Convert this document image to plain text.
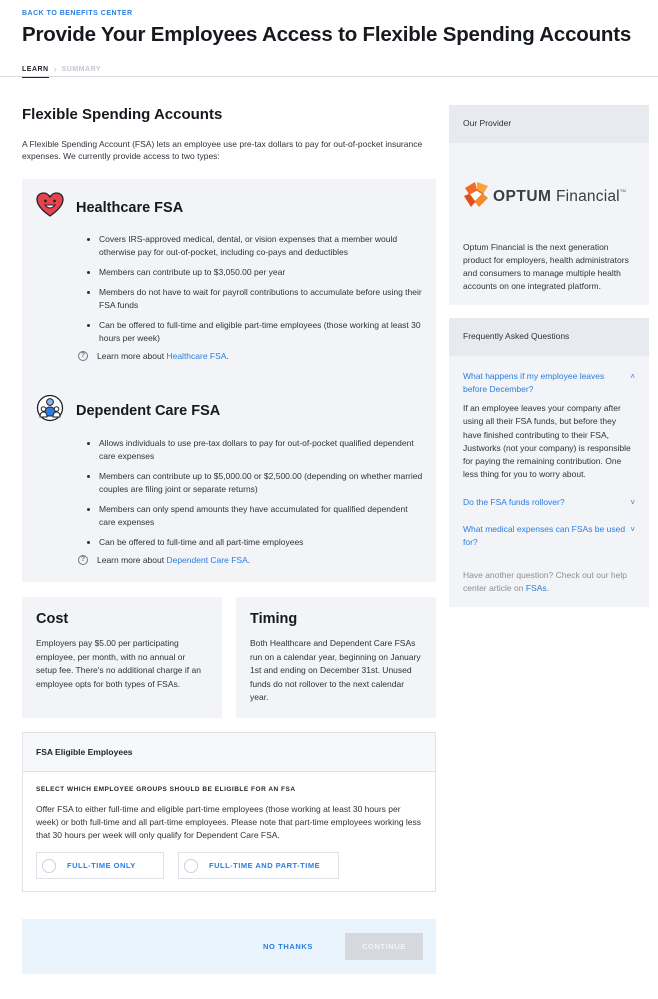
BACK TO BENEFITS CENTER
Provide Your Employees Access to Flexible Spending Accounts
LEARN › SUMMARY
Flexible Spending Accounts
A Flexible Spending Account (FSA) lets an employee use pre-tax dollars to pay for out-of-pocket insurance expenses. We currently provide access to two types:
Healthcare FSA
Covers IRS-approved medical, dental, or vision expenses that a member would otherwise pay for out-of-pocket, including co-pays and deductibles
Members can contribute up to $3,050.00 per year
Members do not have to wait for payroll contributions to accumulate before using their FSA funds
Can be offered to full-time and eligible part-time employees (those working at least 30 hours per week)
?	Learn more about Healthcare FSA .
Dependent Care FSA
Allows individuals to use pre-tax dollars to pay for out-of-pocket qualified dependent care expenses
Members can contribute up to $5,000.00 or $2,500.00 (depending on whether married couples are filing joint or separate returns)
Members can only spend amounts they have accumulated for qualified dependent care expenses
Can be offered to full-time and all part-time employees
?	Learn more about Dependent Care FSA .
Cost
Employers pay $5.00 per participating employee, per month, with no annual or setup fee. There's no additional charge if an employee opts for both types of FSAs.
Timing
Both Healthcare and Dependent Care FSAs run on a calendar year, beginning on January 1st and ending on December 31st. Unused funds do not rollover to the next calendar year.
FSA Eligible Employees
SELECT WHICH EMPLOYEE GROUPS SHOULD BE ELIGIBLE FOR AN FSA
Offer FSA to either full-time and eligible part-time employees (those working at least 30 hours per week) or both full-time and all part-time employees. Please note that part-time employees working less that 30 hours per week will only qualify for Dependent Care FSA.
FULL-TIME ONLY	FULL-TIME AND PART-TIME
NO THANKS	CONTINUE
Our Provider
OPTUM Financial™
Optum Financial is the next generation product for employers, health administrators and consumers to manage multiple health accounts on one integrated platform.
Frequently Asked Questions
What happens if my employee leaves before December?
˄
If an employee leaves your company after using all their FSA funds, but before they have finished contributing to their FSA, Justworks (not your company) is responsible for paying the remaining contribution. One less thing for you to worry about.
Do the FSA funds rollover?	˅
What medical expenses can FSAs be used for?
˅
Have another question? Check out our help center article on FSAs.
